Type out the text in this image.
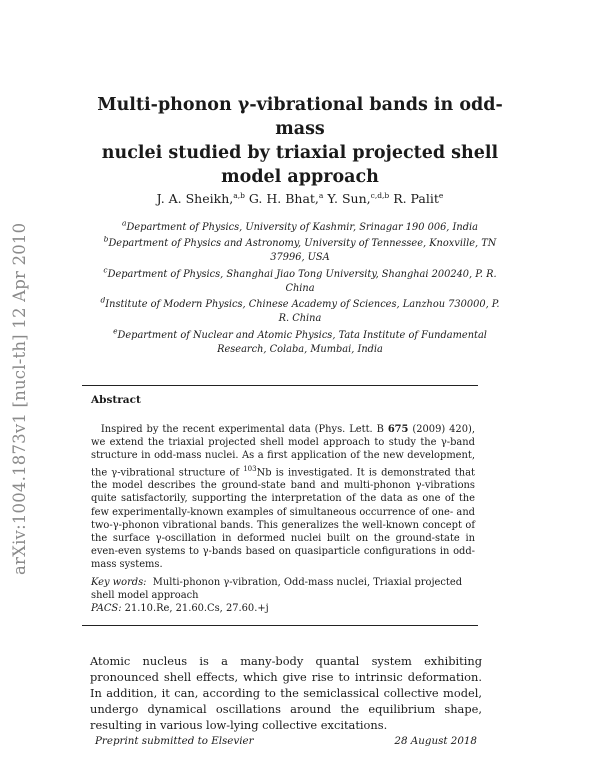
arXiv:1004.1873v1 [nucl-th] 12 Apr 2010
Multi-phonon γ-vibrational bands in odd-mass
nuclei studied by triaxial projected shell
model approach
J. A. Sheikh,$^{a,b}$ G. H. Bhat,$^a$ Y. Sun,$^{c,d,b}$ R. Palit$^e$
$^a$Department of Physics, University of Kashmir, Srinagar 190 006, India
$^b$Department of Physics and Astronomy, University of Tennessee, Knoxville, TN 37996, USA
$^c$Department of Physics, Shanghai Jiao Tong University, Shanghai 200240, P. R. China
$^d$Institute of Modern Physics, Chinese Academy of Sciences, Lanzhou 730000, P. R. China
$^e$Department of Nuclear and Atomic Physics, Tata Institute of Fundamental Research, Colaba, Mumbai, India
Abstract
 Inspired by the recent experimental data (Phys. Lett. B 675 (2009) 420), we extend the triaxial projected shell model approach to study the γ-band structure in odd-mass nuclei. As a first application of the new development, the γ-vibrational structure of $^{103}$Nb is investigated. It is demonstrated that the model describes the ground-state band and multi-phonon γ-vibrations quite satisfactorily, supporting the interpretation of the data as one of the few experimentally-known examples of simultaneous occurrence of one- and two-γ-phonon vibrational bands. This generalizes the well-known concept of the surface γ-oscillation in deformed nuclei built on the ground-state in even-even systems to γ-bands based on quasiparticle configurations in odd-mass systems.
Key words: Multi-phonon γ-vibration, Odd-mass nuclei, Triaxial projected shell model approach
PACS: 21.10.Re, 21.60.Cs, 27.60.+j
Atomic nucleus is a many-body quantal system exhibiting pronounced shell effects, which give rise to intrinsic deformation. In addition, it can, according to the semiclassical collective model, undergo dynamical oscillations around the equilibrium shape, resulting in various low-lying collective excitations.
Preprint submitted to Elsevier	28 August 2018
